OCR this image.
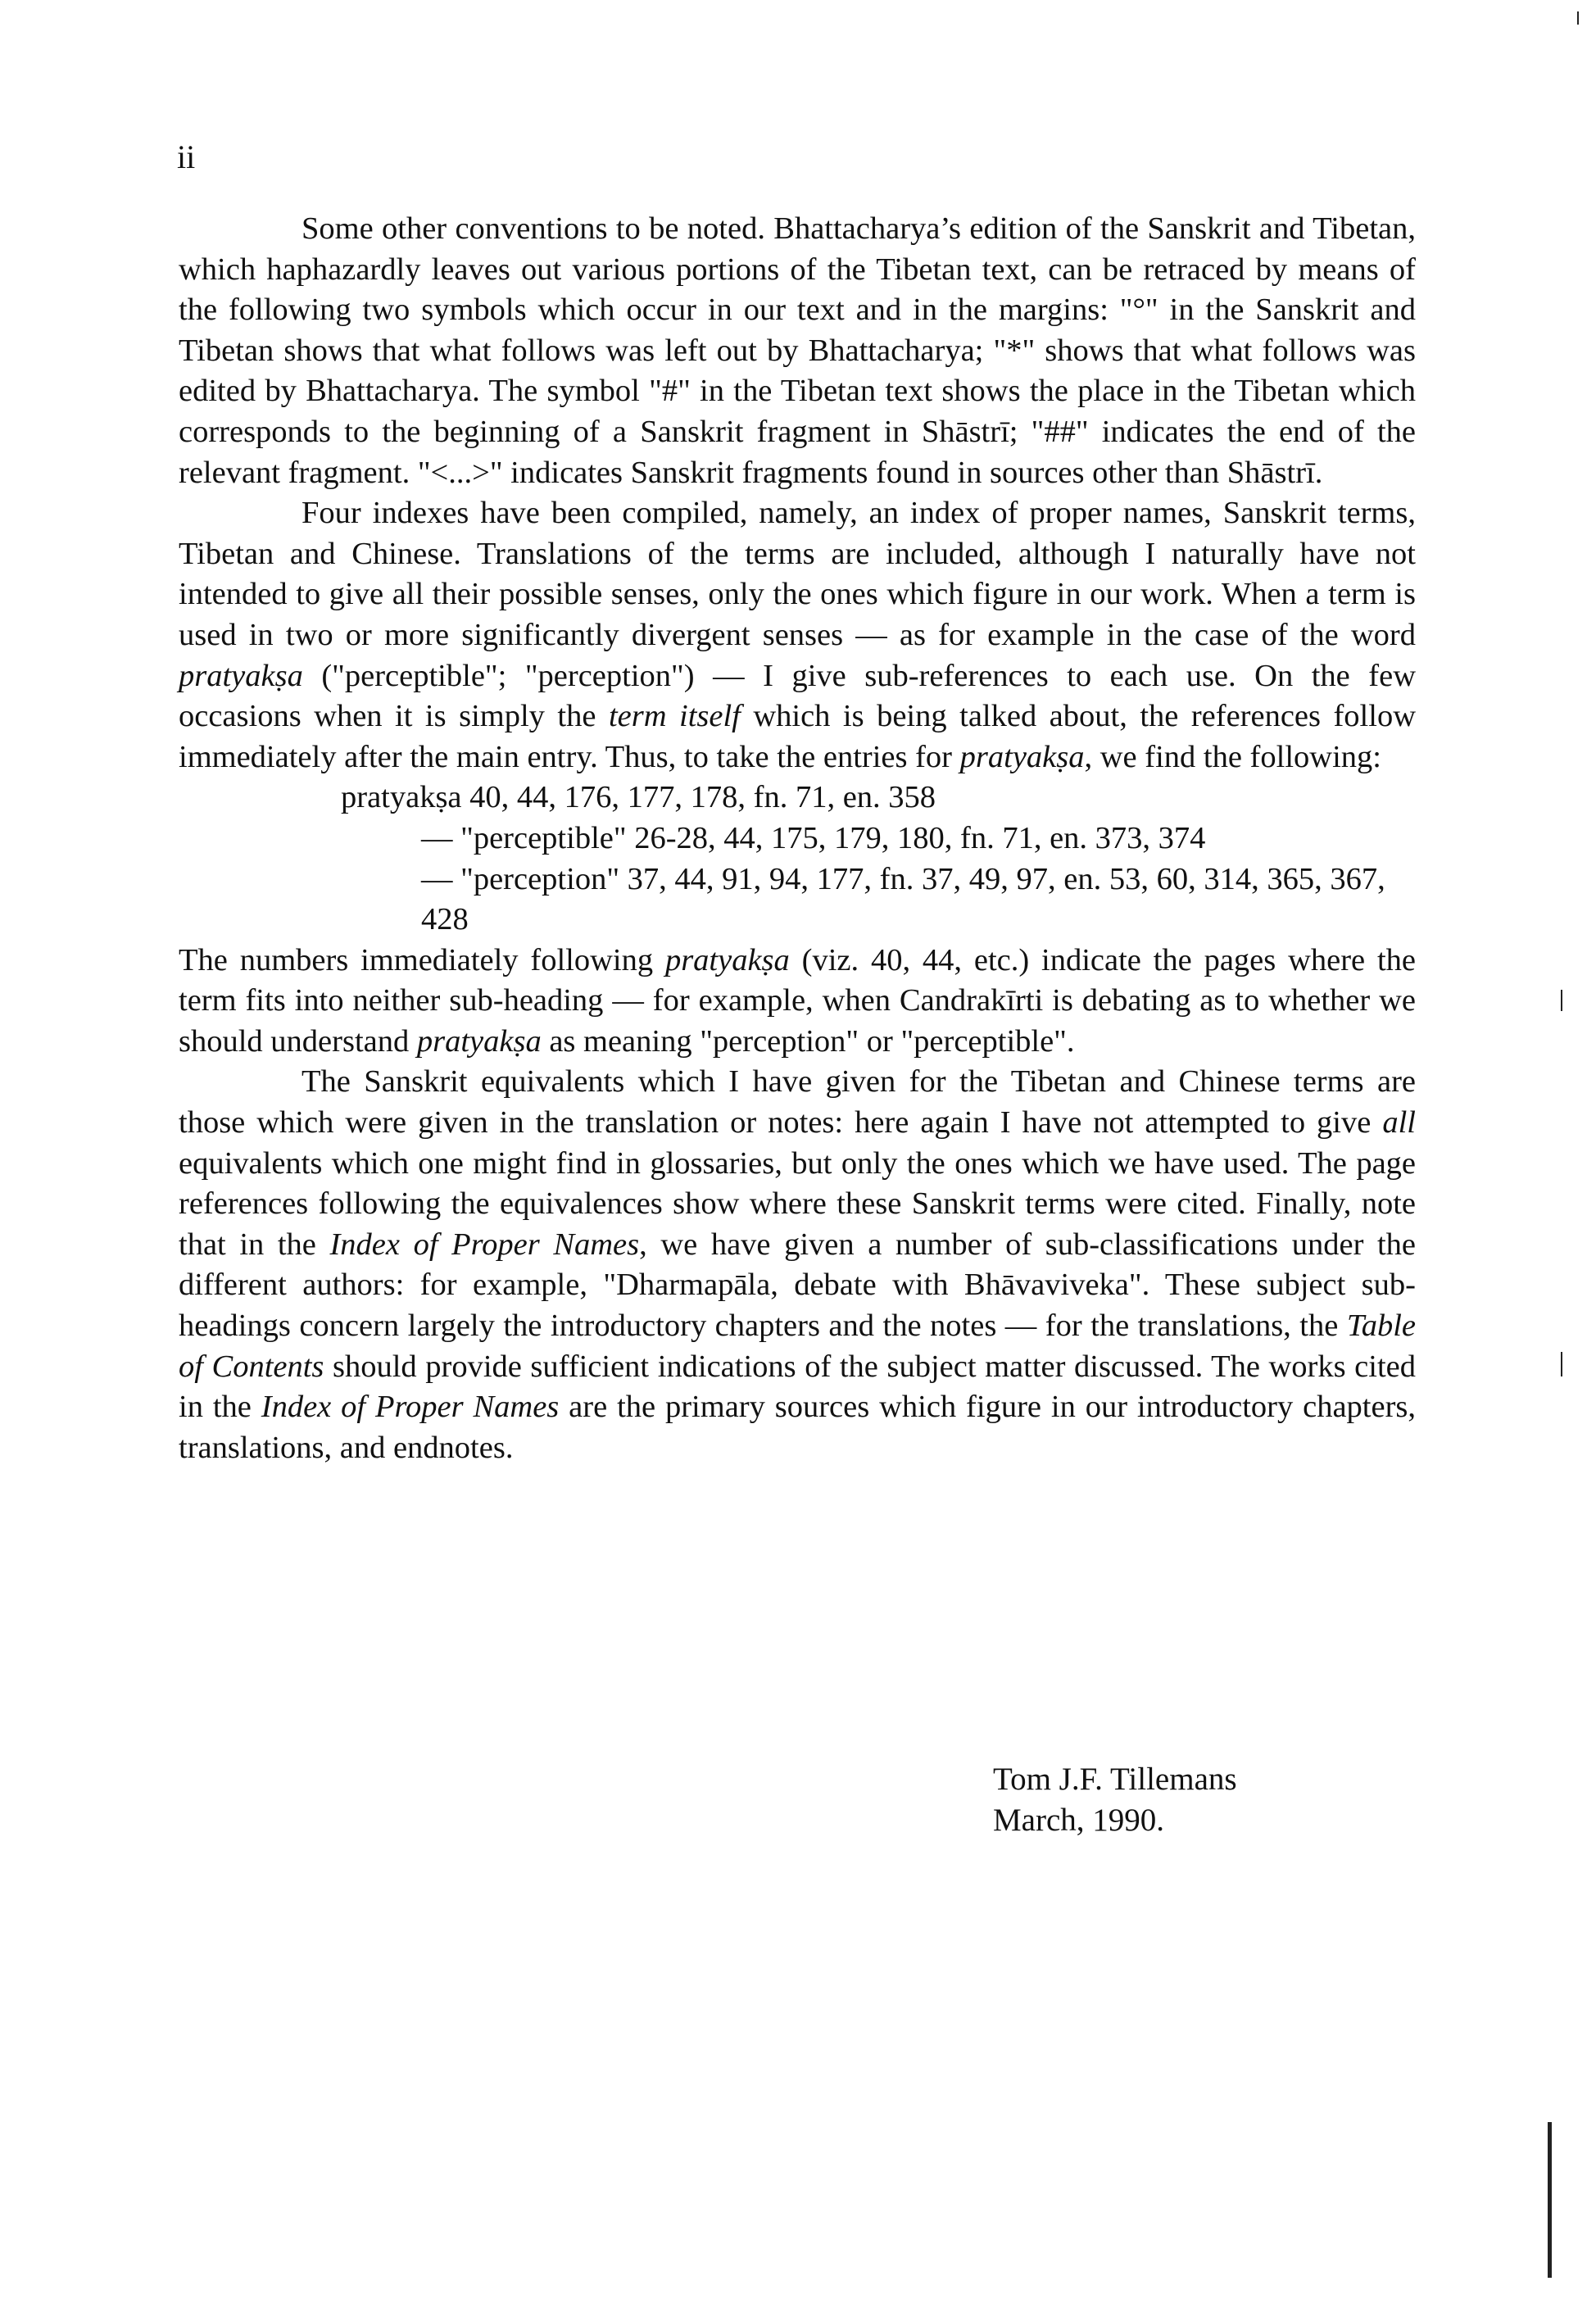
ii

Some other conventions to be noted. Bhattacharya’s edition of the Sanskrit and Tibetan, which haphazardly leaves out various portions of the Tibetan text, can be retraced by means of the following two symbols which occur in our text and in the margins: "°" in the Sanskrit and Tibetan shows that what follows was left out by Bhattacharya; "*" shows that what follows was edited by Bhattacharya. The symbol "#" in the Tibetan text shows the place in the Tibetan which corresponds to the beginning of a Sanskrit fragment in Shāstrī; "##" indicates the end of the relevant fragment. "<...>" indicates Sanskrit fragments found in sources other than Shāstrī.

Four indexes have been compiled, namely, an index of proper names, Sanskrit terms, Tibetan and Chinese. Translations of the terms are included, although I naturally have not intended to give all their possible senses, only the ones which figure in our work. When a term is used in two or more significantly divergent senses — as for example in the case of the word pratyakṣa ("perceptible"; "perception") — I give sub-references to each use. On the few occasions when it is simply the term itself which is being talked about, the references follow immediately after the main entry. Thus, to take the entries for pratyakṣa, we find the following:

pratyakṣa 40, 44, 176, 177, 178, fn. 71, en. 358
— "perceptible" 26-28, 44, 175, 179, 180, fn. 71, en. 373, 374
— "perception" 37, 44, 91, 94, 177, fn. 37, 49, 97, en. 53, 60, 314, 365, 367, 428

The numbers immediately following pratyakṣa (viz. 40, 44, etc.) indicate the pages where the term fits into neither sub-heading — for example, when Candrakīrti is debating as to whether we should understand pratyakṣa as meaning "perception" or "perceptible".

The Sanskrit equivalents which I have given for the Tibetan and Chinese terms are those which were given in the translation or notes: here again I have not attempted to give all equivalents which one might find in glossaries, but only the ones which we have used. The page references following the equivalences show where these Sanskrit terms were cited. Finally, note that in the Index of Proper Names, we have given a number of sub-classifications under the different authors: for example, "Dharmapāla, debate with Bhāvaviveka". These subject sub-headings concern largely the introductory chapters and the notes — for the translations, the Table of Contents should provide sufficient indications of the subject matter discussed. The works cited in the Index of Proper Names are the primary sources which figure in our introductory chapters, translations, and endnotes.

Tom J.F. Tillemans
March, 1990.
